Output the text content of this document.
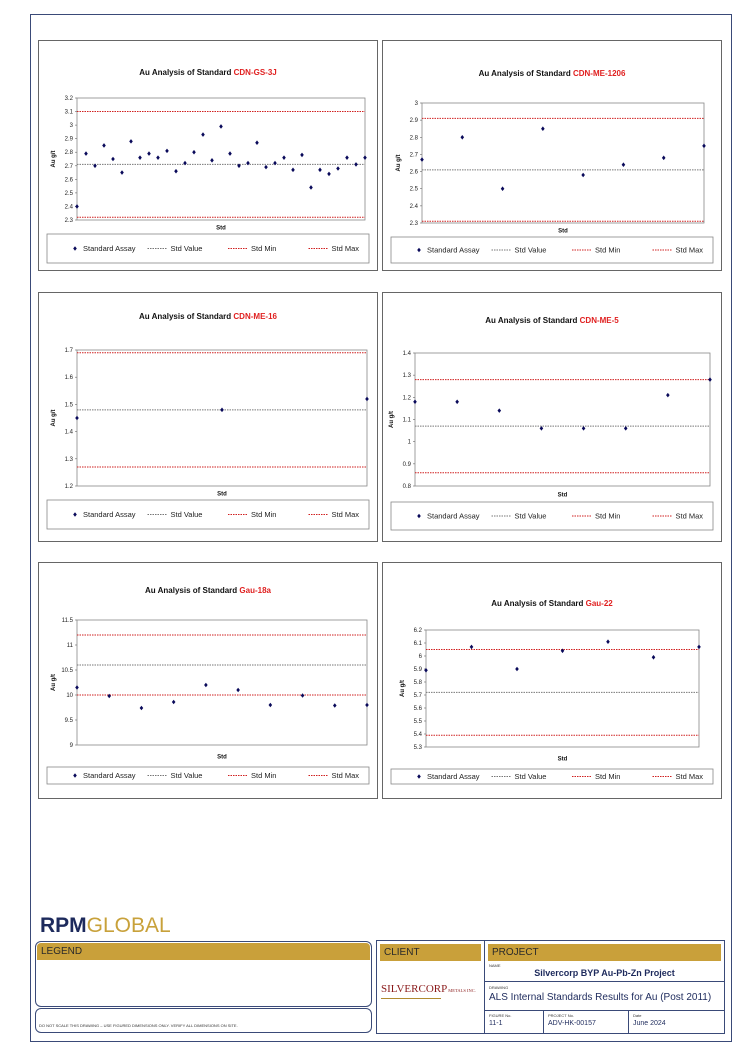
Au Analysis of Standard CDN-GS-3J
2.3
2.4
2.5
2.6
2.7
2.8
2.9
3
3.1
3.2
Au g/t
Std
Standard Assay	Std Value	Std Min	Std Max
Au Analysis of Standard CDN-ME-1206
2.3
2.4
2.5
2.6
2.7
2.8
2.9
3
Au g/t
Std
Standard Assay	Std Value	Std Min	Std Max
Au Analysis of Standard CDN-ME-16
1.2
1.3
1.4
1.5
1.6
1.7
Au g/t
Std
Standard Assay	Std Value	Std Min	Std Max
Au Analysis of Standard CDN-ME-5
0.8
0.9
1
1.1
1.2
1.3
1.4
Au g/t
Std
Standard Assay	Std Value	Std Min	Std Max
Au Analysis of Standard Gau-18a
9
9.5
10
10.5
11
11.5
Au g/t
Std
Standard Assay	Std Value	Std Min	Std Max
Au Analysis of Standard Gau-22
5.3
5.4
5.5
5.6
5.7
5.8
5.9
6
6.1
6.2
Au g/t
Std
Standard Assay	Std Value	Std Min	Std Max
RPMGLOBAL
LEGEND
DO NOT SCALE THIS DRAWING – USE FIGURED DIMENSIONS ONLY. VERIFY ALL DIMENSIONS ON SITE.
CLIENT
SILVERCORPMETALS INC.
PROJECT
NAME
Silvercorp BYP Au-Pb-Zn Project
DRAWING
ALS Internal Standards Results for Au (Post 2011)
FIGURE No.
11-1
PROJECT No.
ADV-HK-00157
Date
June 2024
